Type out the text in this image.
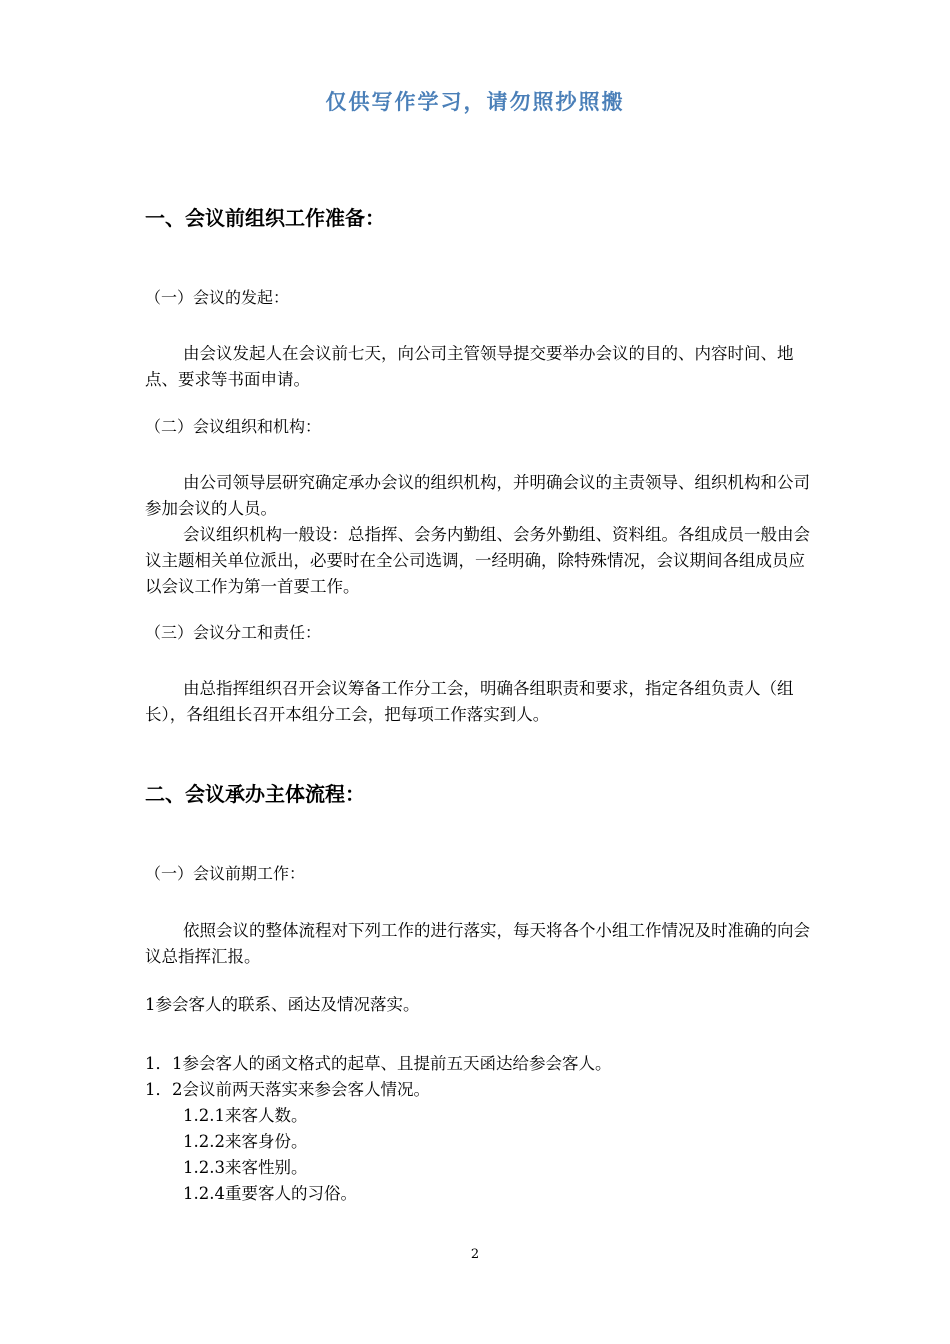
仅供写作学习，请勿照抄照搬
一、会议前组织工作准备：
（一）会议的发起：
由会议发起人在会议前七天，向公司主管领导提交要举办会议的目的、内容时间、地点、要求等书面申请。
（二）会议组织和机构：
由公司领导层研究确定承办会议的组织机构，并明确会议的主责领导、组织机构和公司参加会议的人员。
会议组织机构一般设：总指挥、会务内勤组、会务外勤组、资料组。各组成员一般由会议主题相关单位派出，必要时在全公司选调，一经明确，除特殊情况，会议期间各组成员应以会议工作为第一首要工作。
（三）会议分工和责任：
由总指挥组织召开会议筹备工作分工会，明确各组职责和要求，指定各组负责人（组长），各组组长召开本组分工会，把每项工作落实到人。
二、会议承办主体流程：
（一）会议前期工作：
依照会议的整体流程对下列工作的进行落实，每天将各个小组工作情况及时准确的向会议总指挥汇报。
1参会客人的联系、函达及情况落实。
1．1参会客人的函文格式的起草、且提前五天函达给参会客人。
1．2会议前两天落实来参会客人情况。
1.2.1来客人数。
1.2.2来客身份。
1.2.3来客性别。
1.2.4重要客人的习俗。
2
